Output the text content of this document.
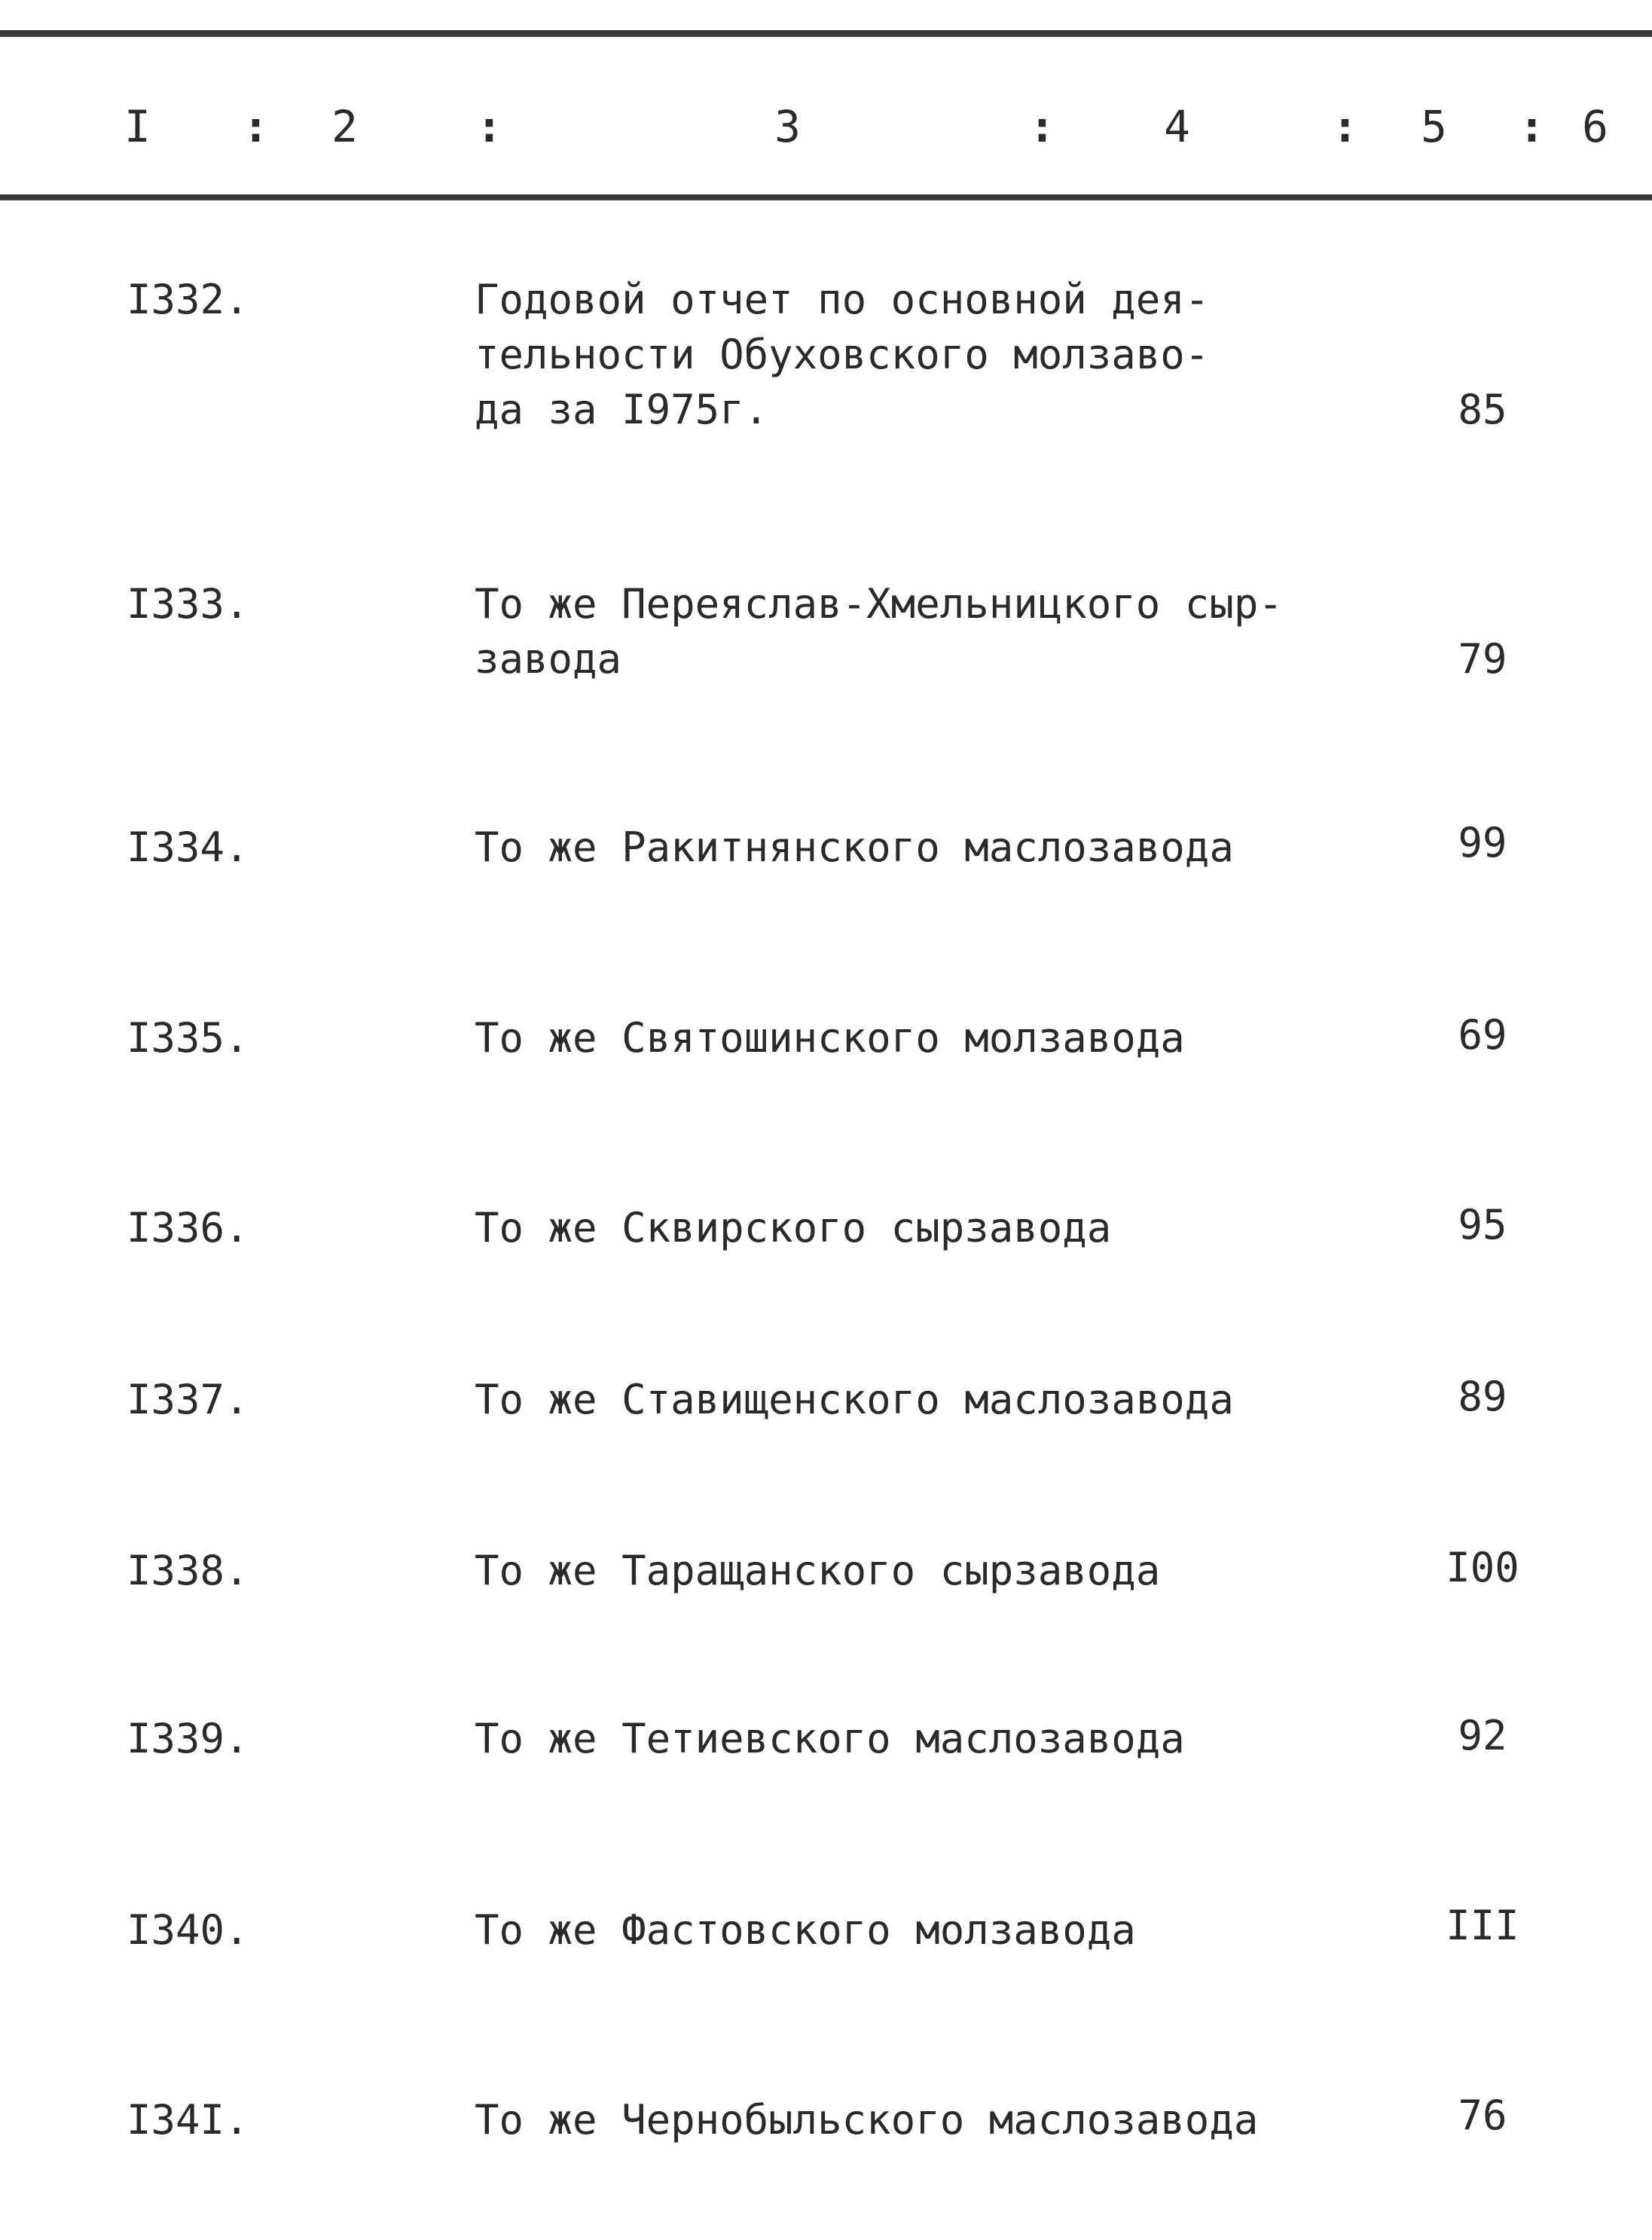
I : 2	:	3	: 4	: 5 : 6
I332.	Годовой отчет по основной дея-
тельности Обуховского молзаво-
да за I975г.	85
I333.	То же Переяслав-Хмельницкого сыр-
завода	79
I334.	То же Ракитнянского маслозавода	99
I335.	То же Святошинского молзавода	69
I336.	То же Сквирского сырзавода	95
I337.	То же Ставищенского маслозавода	89
I338.	То же Таращанского сырзавода	I00
I339.	То же Тетиевского маслозавода	92
I340.	То же Фастовского молзавода	III
I34I.	То же Чернобыльского маслозавода	76
